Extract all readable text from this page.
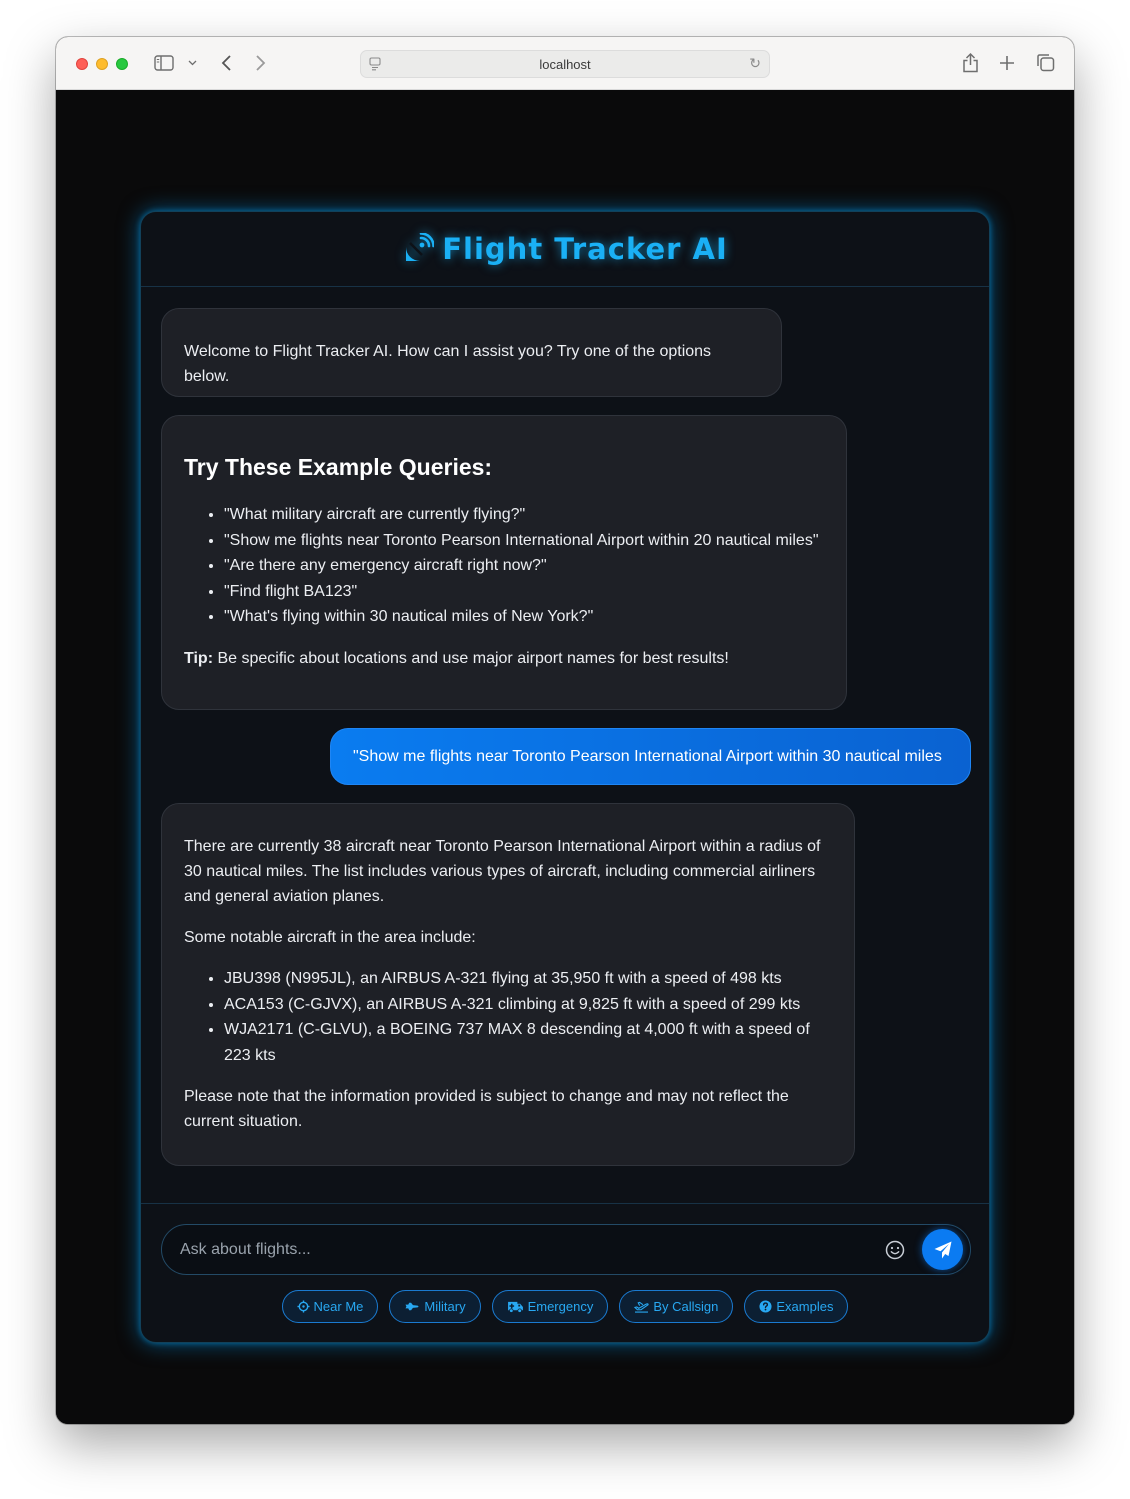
localhost	↻
Flight Tracker AI
Welcome to Flight Tracker AI. How can I assist you? Try one of the options below.
Try These Example Queries:
• "What military aircraft are currently flying?"
• "Show me flights near Toronto Pearson International Airport within 20 nautical miles"
• "Are there any emergency aircraft right now?"
• "Find flight BA123"
• "What's flying within 30 nautical miles of New York?"

Tip: Be specific about locations and use major airport names for best results!

"Show me flights near Toronto Pearson International Airport within 30 nautical miles

There are currently 38 aircraft near Toronto Pearson International Airport within a radius of 30 nautical miles. The list includes various types of aircraft, including commercial airliners and general aviation planes.

Some notable aircraft in the area include:

• JBU398 (N995JL), an AIRBUS A-321 flying at 35,950 ft with a speed of 498 kts
• ACA153 (C-GJVX), an AIRBUS A-321 climbing at 9,825 ft with a speed of 299 kts
• WJA2171 (C-GLVU), a BOEING 737 MAX 8 descending at 4,000 ft with a speed of 223 kts

Please note that the information provided is subject to change and may not reflect the current situation.

Ask about flights...
Near Me	Military	Emergency	By Callsign	Examples
